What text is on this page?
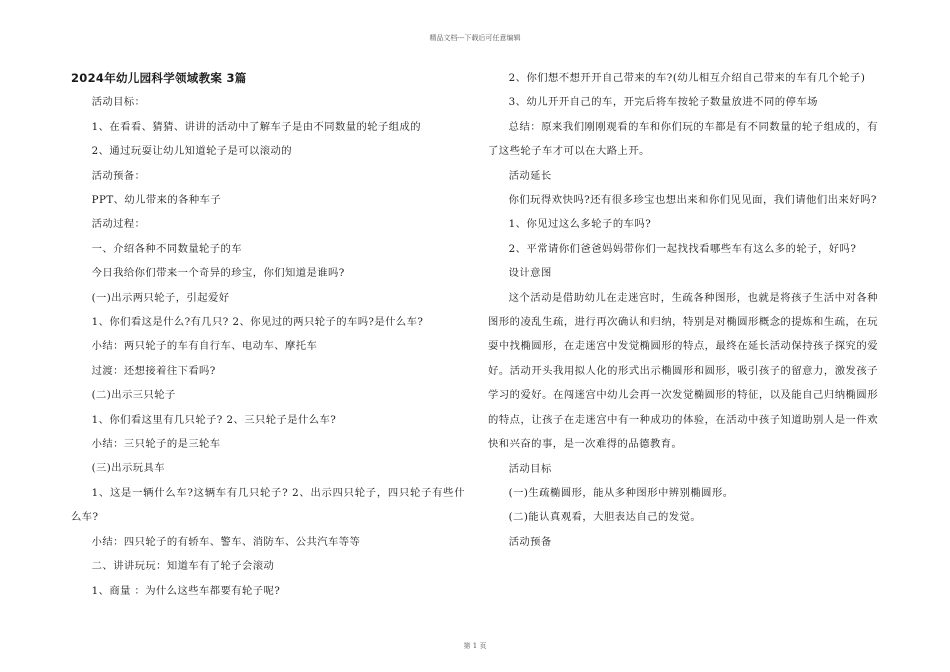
精品文档---下载后可任意编辑
2024年幼儿园科学领域教案 3篇

活动目标：

1、在看看、猜猜、讲讲的活动中了解车子是由不同数量的轮子组成的

2、通过玩耍让幼儿知道轮子是可以滚动的

活动预备：

PPT、幼儿带来的各种车子

活动过程：

一、介绍各种不同数量轮子的车

今日我给你们带来一个奇异的珍宝，你们知道是谁吗?

(一)出示两只轮子，引起爱好

1、你们看这是什么?有几只? 2、你见过的两只轮子的车吗?是什么车?

小结：两只轮子的车有自行车、电动车、摩托车

过渡：还想接着往下看吗?

(二)出示三只轮子

1、你们看这里有几只轮子? 2、三只轮子是什么车?

小结：三只轮子的是三轮车

(三)出示玩具车

1、这是一辆什么车?这辆车有几只轮子? 2、出示四只轮子，四只轮子有些什么车?

小结：四只轮子的有轿车、警车、消防车、公共汽车等等

二、讲讲玩玩：知道车有了轮子会滚动

1、商量 ：为什么这些车都要有轮子呢?

2、你们想不想开开自己带来的车?(幼儿相互介绍自己带来的车有几个轮子)

3、幼儿开开自己的车，开完后将车按轮子数量放进不同的停车场

总结：原来我们刚刚观看的车和你们玩的车都是有不同数量的轮子组成的，有了这些轮子车才可以在大路上开。

活动延长

你们玩得欢快吗?还有很多珍宝也想出来和你们见见面，我们请他们出来好吗?

1、你见过这么多轮子的车吗?

2、平常请你们爸爸妈妈带你们一起找找看哪些车有这么多的轮子，好吗?

设计意图

这个活动是借助幼儿在走迷宫时，生疏各种图形，也就是将孩子生活中对各种图形的凌乱生疏，进行再次确认和归纳，特别是对椭圆形概念的提炼和生疏，在玩耍中找椭圆形，在走迷宫中发觉椭圆形的特点，最终在延长活动保持孩子探究的爱好。活动开头我用拟人化的形式出示椭圆形和圆形，吸引孩子的留意力，激发孩子学习的爱好。在闯迷宫中幼儿会再一次发觉椭圆形的特征，以及能自己归纳椭圆形的特点，让孩子在走迷宫中有一种成功的体验，在活动中孩子知道助别人是一件欢快和兴奋的事，是一次难得的品德教育。

活动目标

(一)生疏椭圆形，能从多种图形中辨别椭圆形。

(二)能认真观看，大胆表达自己的发觉。

活动预备

第 1 页
